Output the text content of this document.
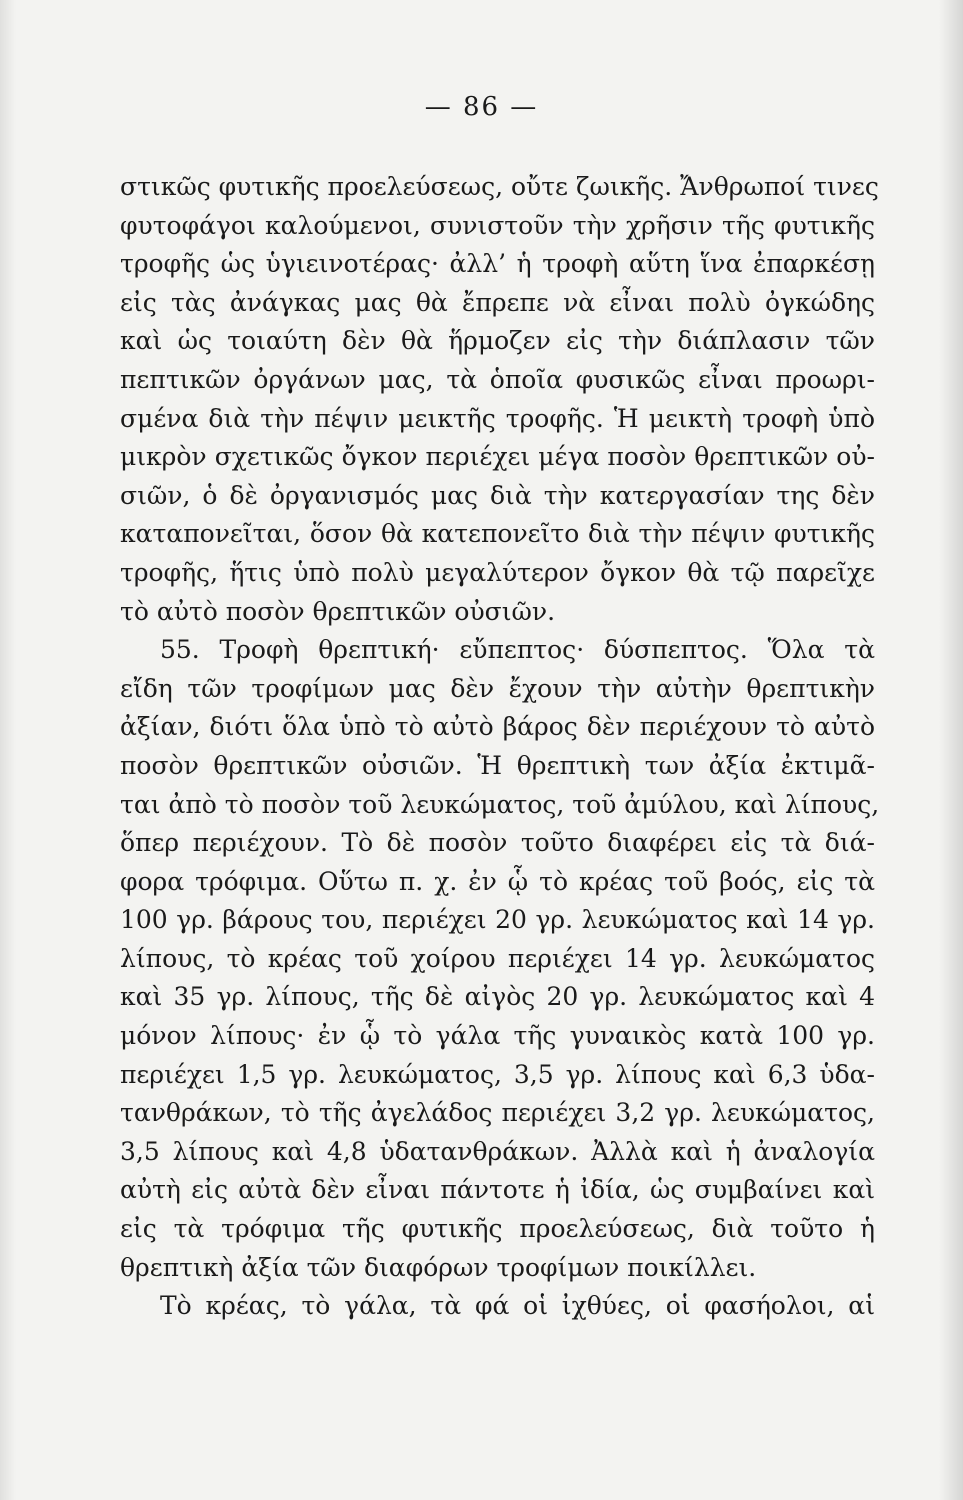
— 86 —
στικῶς φυτικῆς προελεύσεως, οὔτε ζωικῆς. Ἄνθρωποί τινες
φυτοφάγοι καλούμενοι, συνιστοῦν τὴν χρῆσιν τῆς φυτικῆς
τροφῆς ὡς ὑγιεινοτέρας· ἀλλ’ ἡ τροφὴ αὕτη ἵνα ἐπαρκέσῃ
εἰς τὰς ἀνάγκας μας θὰ ἔπρεπε νὰ εἶναι πολὺ ὀγκώδης
καὶ ὡς τοιαύτη δὲν θὰ ἥρμοζεν εἰς τὴν διάπλασιν τῶν
πεπτικῶν ὀργάνων μας, τὰ ὁποῖα φυσικῶς εἶναι προωρι-
σμένα διὰ τὴν πέψιν μεικτῆς τροφῆς. Ἡ μεικτὴ τροφὴ ὑπὸ
μικρὸν σχετικῶς ὄγκον περιέχει μέγα ποσὸν θρεπτικῶν οὐ-
σιῶν, ὁ δὲ ὀργανισμός μας διὰ τὴν κατεργασίαν της δὲν
καταπονεῖται, ὅσον θὰ κατεπονεῖτο διὰ τὴν πέψιν φυτικῆς
τροφῆς, ἥτις ὑπὸ πολὺ μεγαλύτερον ὄγκον θὰ τῷ παρεῖχε
τὸ αὐτὸ ποσὸν θρεπτικῶν οὐσιῶν.
55. Τροφὴ θρεπτική· εὔπεπτος· δύσπεπτος. Ὅλα τὰ
εἴδη τῶν τροφίμων μας δὲν ἔχουν τὴν αὐτὴν θρεπτικὴν
ἀξίαν, διότι ὅλα ὑπὸ τὸ αὐτὸ βάρος δὲν περιέχουν τὸ αὐτὸ
ποσὸν θρεπτικῶν οὐσιῶν. Ἡ θρεπτικὴ των ἀξία ἐκτιμᾶ-
ται ἀπὸ τὸ ποσὸν τοῦ λευκώματος, τοῦ ἀμύλου, καὶ λίπους,
ὅπερ περιέχουν. Τὸ δὲ ποσὸν τοῦτο διαφέρει εἰς τὰ διά-
φορα τρόφιμα. Οὕτω π. χ. ἐν ᾧ τὸ κρέας τοῦ βοός, εἰς τὰ
100 γρ. βάρους του, περιέχει 20 γρ. λευκώματος καὶ 14 γρ.
λίπους, τὸ κρέας τοῦ χοίρου περιέχει 14 γρ. λευκώματος
καὶ 35 γρ. λίπους, τῆς δὲ αἰγὸς 20 γρ. λευκώματος καὶ 4
μόνον λίπους· ἐν ᾧ τὸ γάλα τῆς γυναικὸς κατὰ 100 γρ.
περιέχει 1,5 γρ. λευκώματος, 3,5 γρ. λίπους καὶ 6,3 ὑδα-
τανθράκων, τὸ τῆς ἀγελάδος περιέχει 3,2 γρ. λευκώματος,
3,5 λίπους καὶ 4,8 ὑδατανθράκων. Ἀλλὰ καὶ ἡ ἀναλογία
αὐτὴ εἰς αὐτὰ δὲν εἶναι πάντοτε ἡ ἰδία, ὡς συμβαίνει καὶ
εἰς τὰ τρόφιμα τῆς φυτικῆς προελεύσεως, διὰ τοῦτο ἡ
θρεπτικὴ ἀξία τῶν διαφόρων τροφίμων ποικίλλει.
Τὸ κρέας, τὸ γάλα, τὰ φά οἱ ἰχθύες, οἱ φασήολοι, αἱ
